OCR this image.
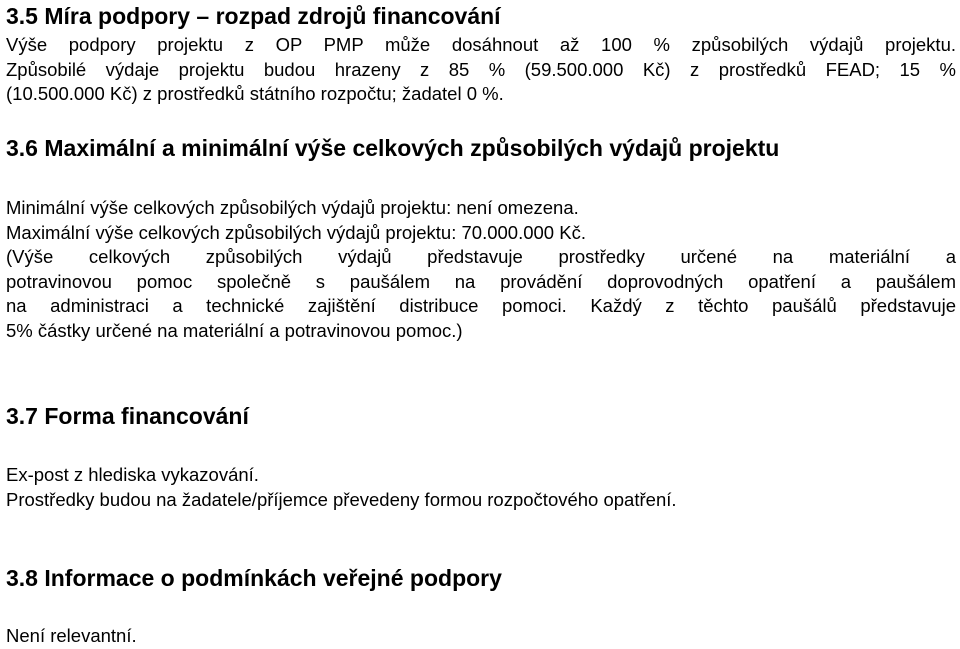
3.5 Míra podpory – rozpad zdrojů financování

Výše podpory projektu z OP PMP může dosáhnout až 100 % způsobilých výdajů projektu.

Způsobilé výdaje projektu budou hrazeny z 85 % (59.500.000 Kč) z prostředků FEAD; 15 %

(10.500.000 Kč) z prostředků státního rozpočtu; žadatel 0 %.

3.6 Maximální a minimální výše celkových způsobilých výdajů projektu

Minimální výše celkových způsobilých výdajů projektu: není omezena.

Maximální výše celkových způsobilých výdajů projektu: 70.000.000 Kč.

(Výše celkových způsobilých výdajů představuje prostředky určené na materiální a

potravinovou pomoc společně s paušálem na provádění doprovodných opatření a paušálem

na administraci a technické zajištění distribuce pomoci. Každý z těchto paušálů představuje

5% částky určené na materiální a potravinovou pomoc.)

3.7 Forma financování

Ex-post z hlediska vykazování.

Prostředky budou na žadatele/příjemce převedeny formou rozpočtového opatření.

3.8 Informace o podmínkách veřejné podpory

Není relevantní.
